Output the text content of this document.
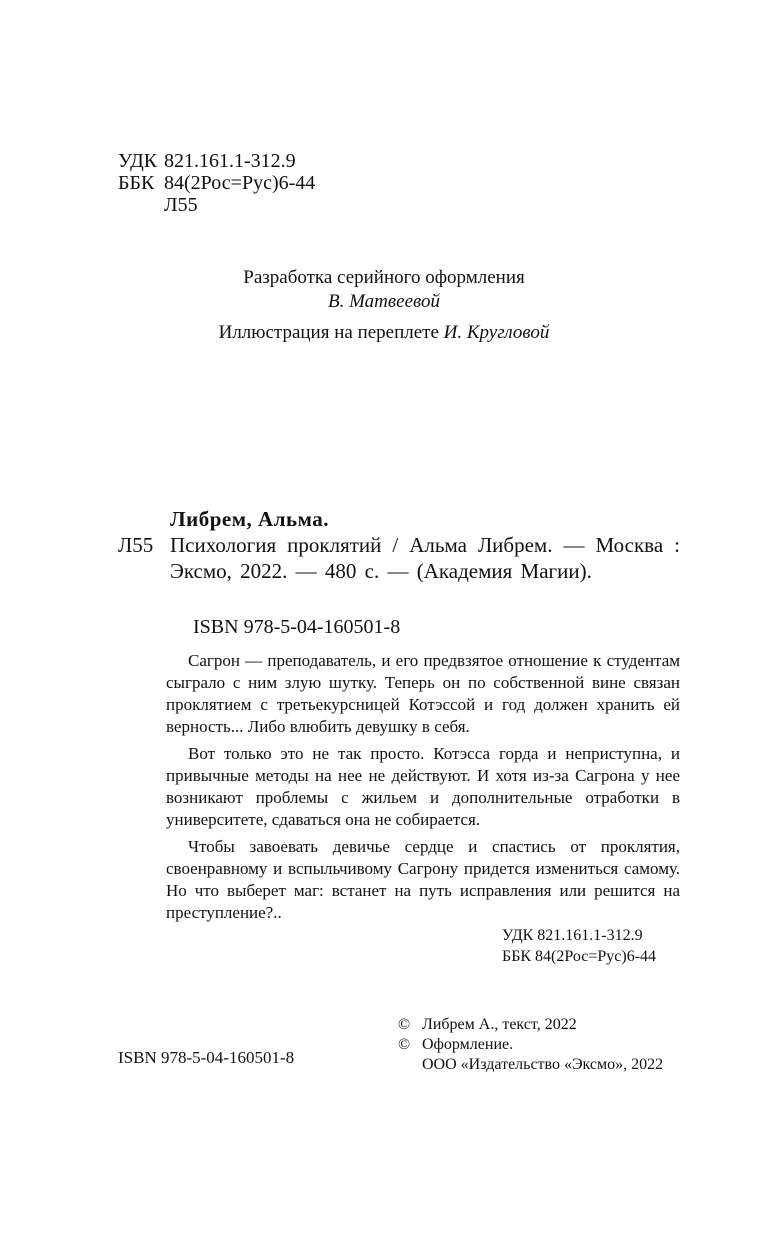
УДК 821.161.1-312.9
ББК 84(2Рос=Рус)6-44
Л55
Разработка серийного оформления
В. Матвеевой
Иллюстрация на переплете И. Кругловой
Либрем, Альма.
Л55 Психология проклятий / Альма Либрем. — Москва : Эксмо, 2022. — 480 с. — (Академия Магии).
ISBN 978-5-04-160501-8

Сагрон — преподаватель, и его предвзятое отношение к студентам сыграло с ним злую шутку. Теперь он по собственной вине связан проклятием с третьекурсницей Котэссой и год должен хранить ей верность... Либо влюбить девушку в себя.

Вот только это не так просто. Котэсса горда и неприступна, и привычные методы на нее не действуют. И хотя из-за Сагрона у нее возникают проблемы с жильем и дополнительные отработки в университете, сдаваться она не собирается.

Чтобы завоевать девичье сердце и спастись от проклятия, своенравному и вспыльчивому Сагрону придется измениться самому. Но что выберет маг: встанет на путь исправления или решится на преступление?..

УДК 821.161.1-312.9
ББК 84(2Рос=Рус)6-44
© Либрем А., текст, 2022
© Оформление.
ООО «Издательство «Эксмо», 2022
ISBN 978-5-04-160501-8
